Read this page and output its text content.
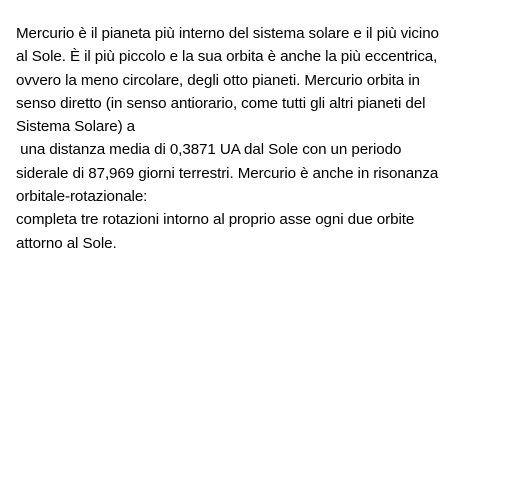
Mercurio è il pianeta più interno del sistema solare e il più vicino
al Sole. È il più piccolo e la sua orbita è anche la più eccentrica,
ovvero la meno circolare, degli otto pianeti. Mercurio orbita in
senso diretto (in senso antiorario, come tutti gli altri pianeti del
Sistema Solare) a
una distanza media di 0,3871 UA dal Sole con un periodo
siderale di 87,969 giorni terrestri. Mercurio è anche in risonanza
orbitale-rotazionale:
completa tre rotazioni intorno al proprio asse ogni due orbite
attorno al Sole.
